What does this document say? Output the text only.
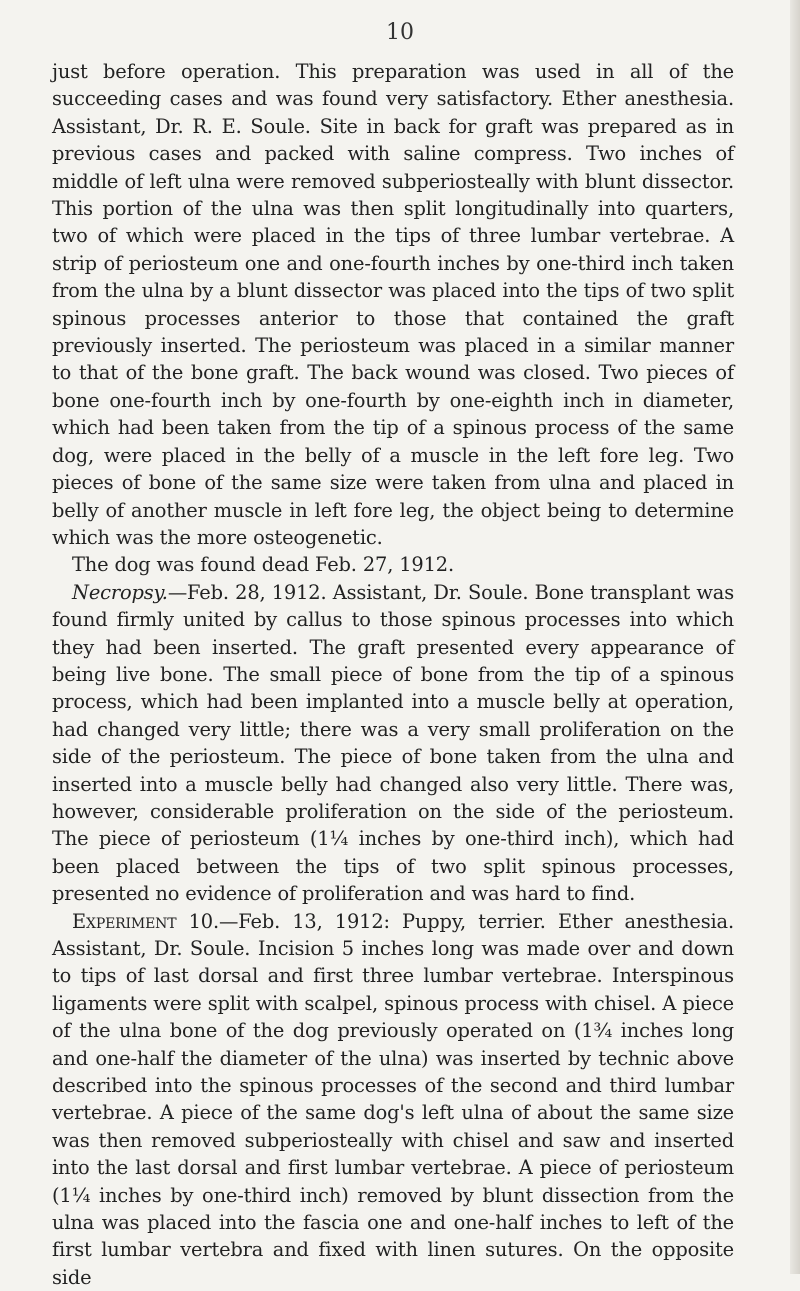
10

just before operation. This preparation was used in all of the succeeding cases and was found very satisfactory. Ether anesthesia. Assistant, Dr. R. E. Soule. Site in back for graft was prepared as in previous cases and packed with saline compress. Two inches of middle of left ulna were removed subperiosteally with blunt dissector. This portion of the ulna was then split longitudinally into quarters, two of which were placed in the tips of three lumbar vertebrae. A strip of periosteum one and one-fourth inches by one-third inch taken from the ulna by a blunt dissector was placed into the tips of two split spinous processes anterior to those that contained the graft previously inserted. The periosteum was placed in a similar manner to that of the bone graft. The back wound was closed. Two pieces of bone one-fourth inch by one-fourth by one-eighth inch in diameter, which had been taken from the tip of a spinous process of the same dog, were placed in the belly of a muscle in the left fore leg. Two pieces of bone of the same size were taken from ulna and placed in belly of another muscle in left fore leg, the object being to determine which was the more osteogenetic.

The dog was found dead Feb. 27, 1912.

Necropsy.—Feb. 28, 1912. Assistant, Dr. Soule. Bone transplant was found firmly united by callus to those spinous processes into which they had been inserted. The graft presented every appearance of being live bone. The small piece of bone from the tip of a spinous process, which had been implanted into a muscle belly at operation, had changed very little; there was a very small proliferation on the side of the periosteum. The piece of bone taken from the ulna and inserted into a muscle belly had changed also very little. There was, however, considerable proliferation on the side of the periosteum. The piece of periosteum (1¼ inches by one-third inch), which had been placed between the tips of two split spinous processes, presented no evidence of proliferation and was hard to find.

Experiment 10.—Feb. 13, 1912: Puppy, terrier. Ether anesthesia. Assistant, Dr. Soule. Incision 5 inches long was made over and down to tips of last dorsal and first three lumbar vertebrae. Interspinous ligaments were split with scalpel, spinous process with chisel. A piece of the ulna bone of the dog previously operated on (1¾ inches long and one-half the diameter of the ulna) was inserted by technic above described into the spinous processes of the second and third lumbar vertebrae. A piece of the same dog's left ulna of about the same size was then removed subperiosteally with chisel and saw and inserted into the last dorsal and first lumbar vertebrae. A piece of periosteum (1¼ inches by one-third inch) removed by blunt dissection from the ulna was placed into the fascia one and one-half inches to left of the first lumbar vertebra and fixed with linen sutures. On the opposite side
